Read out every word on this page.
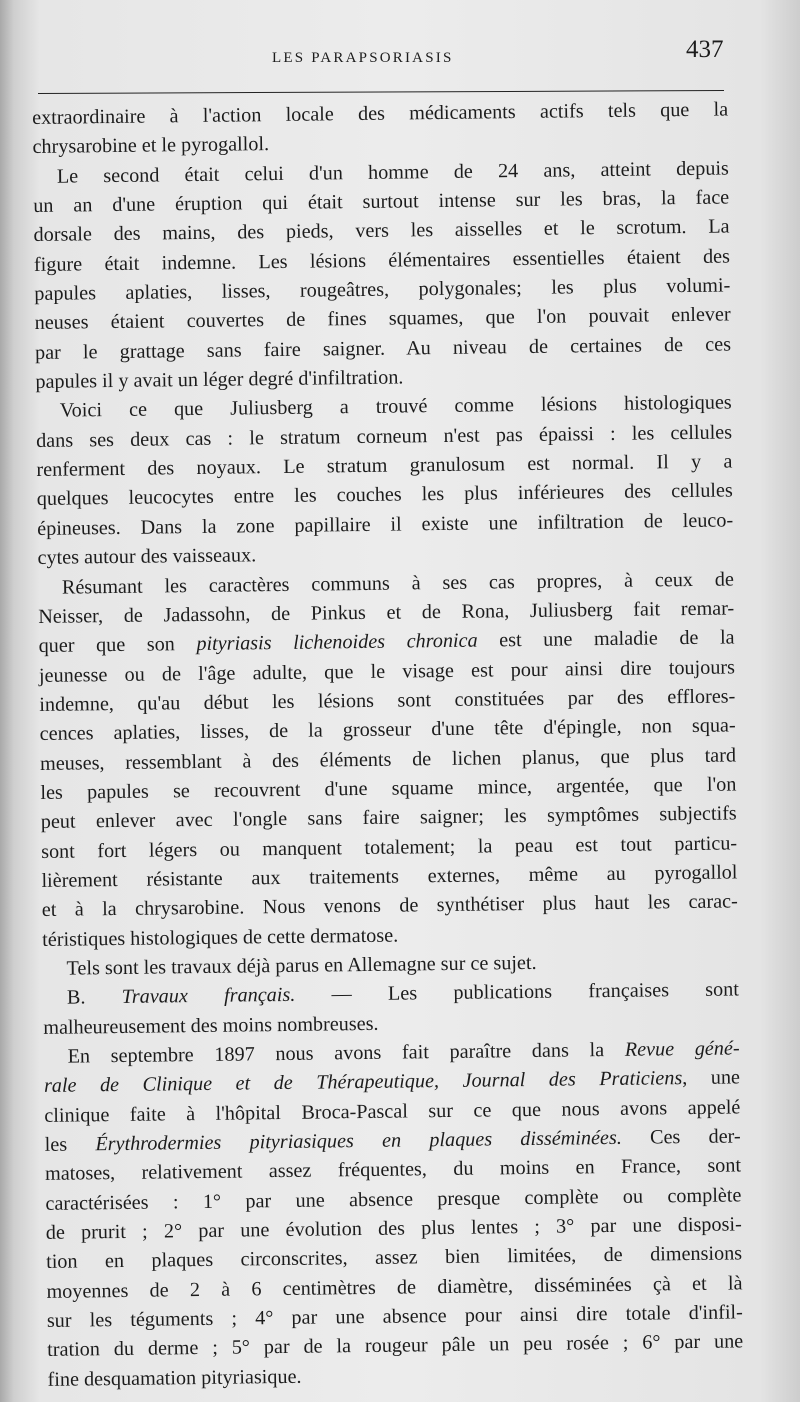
LES PARAPSORIASIS	437
extraordinaire à l'action locale des médicaments actifs tels que la
chrysarobine et le pyrogallol.
Le second était celui d'un homme de 24 ans, atteint depuis
un an d'une éruption qui était surtout intense sur les bras, la face
dorsale des mains, des pieds, vers les aisselles et le scrotum. La
figure était indemne. Les lésions élémentaires essentielles étaient des
papules aplaties, lisses, rougeâtres, polygonales; les plus volumi-
neuses étaient couvertes de fines squames, que l'on pouvait enlever
par le grattage sans faire saigner. Au niveau de certaines de ces
papules il y avait un léger degré d'infiltration.
Voici ce que Juliusberg a trouvé comme lésions histologiques
dans ses deux cas : le stratum corneum n'est pas épaissi : les cellules
renferment des noyaux. Le stratum granulosum est normal. Il y a
quelques leucocytes entre les couches les plus inférieures des cellules
épineuses. Dans la zone papillaire il existe une infiltration de leuco-
cytes autour des vaisseaux.
Résumant les caractères communs à ses cas propres, à ceux de
Neisser, de Jadassohn, de Pinkus et de Rona, Juliusberg fait remar-
quer que son pityriasis lichenoides chronica est une maladie de la
jeunesse ou de l'âge adulte, que le visage est pour ainsi dire toujours
indemne, qu'au début les lésions sont constituées par des efflores-
cences aplaties, lisses, de la grosseur d'une tête d'épingle, non squa-
meuses, ressemblant à des éléments de lichen planus, que plus tard
les papules se recouvrent d'une squame mince, argentée, que l'on
peut enlever avec l'ongle sans faire saigner; les symptômes subjectifs
sont fort légers ou manquent totalement; la peau est tout particu-
lièrement résistante aux traitements externes, même au pyrogallol
et à la chrysarobine. Nous venons de synthétiser plus haut les carac-
téristiques histologiques de cette dermatose.
Tels sont les travaux déjà parus en Allemagne sur ce sujet.
B. Travaux français. — Les publications françaises sont
malheureusement des moins nombreuses.
En septembre 1897 nous avons fait paraître dans la Revue géné-
rale de Clinique et de Thérapeutique, Journal des Praticiens, une
clinique faite à l'hôpital Broca-Pascal sur ce que nous avons appelé
les Érythrodermies pityriasiques en plaques disséminées. Ces der-
matoses, relativement assez fréquentes, du moins en France, sont
caractérisées : 1° par une absence presque complète ou complète
de prurit ; 2° par une évolution des plus lentes ; 3° par une disposi-
tion en plaques circonscrites, assez bien limitées, de dimensions
moyennes de 2 à 6 centimètres de diamètre, disséminées çà et là
sur les téguments ; 4° par une absence pour ainsi dire totale d'infil-
tration du derme ; 5° par de la rougeur pâle un peu rosée ; 6° par une
fine desquamation pityriasique.
